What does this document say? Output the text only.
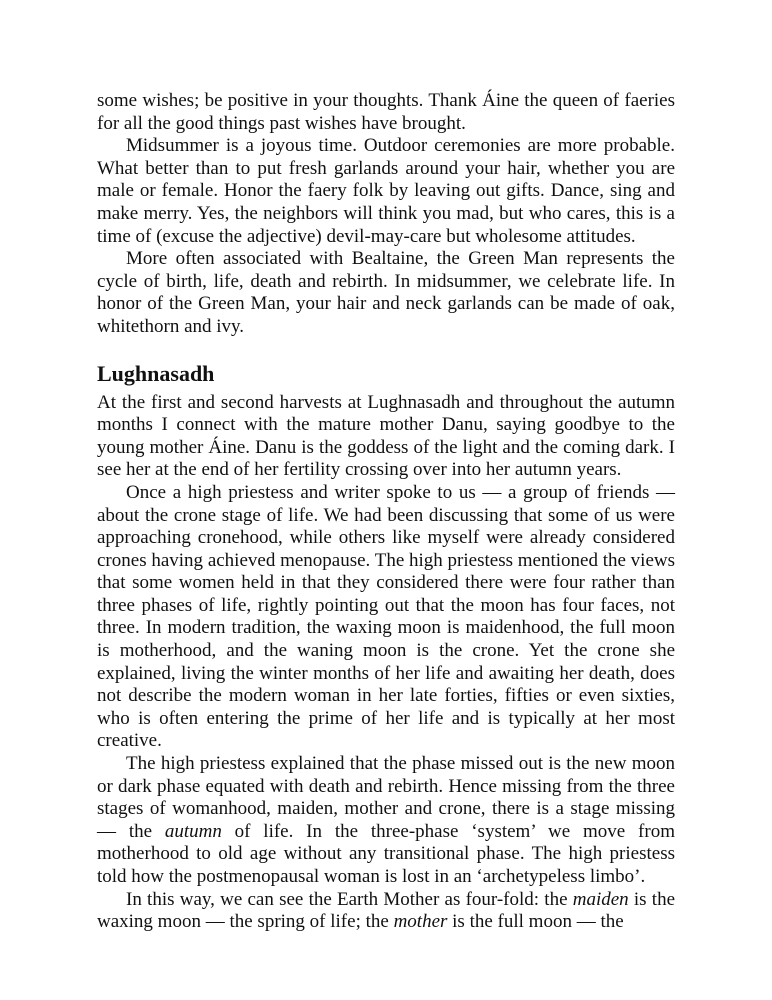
some wishes; be positive in your thoughts. Thank Áine the queen of faeries for all the good things past wishes have brought.

Midsummer is a joyous time. Outdoor ceremonies are more probable. What better than to put fresh garlands around your hair, whether you are male or female. Honor the faery folk by leaving out gifts. Dance, sing and make merry. Yes, the neighbors will think you mad, but who cares, this is a time of (excuse the adjective) devil-may-care but wholesome attitudes.

More often associated with Bealtaine, the Green Man represents the cycle of birth, life, death and rebirth. In midsummer, we celebrate life. In honor of the Green Man, your hair and neck garlands can be made of oak, whitethorn and ivy.

Lughnasadh

At the first and second harvests at Lughnasadh and throughout the autumn months I connect with the mature mother Danu, saying goodbye to the young mother Áine. Danu is the goddess of the light and the coming dark. I see her at the end of her fertility crossing over into her autumn years.

Once a high priestess and writer spoke to us — a group of friends — about the crone stage of life. We had been discussing that some of us were approaching cronehood, while others like myself were already considered crones having achieved menopause. The high priestess mentioned the views that some women held in that they considered there were four rather than three phases of life, rightly pointing out that the moon has four faces, not three. In modern tradition, the waxing moon is maidenhood, the full moon is motherhood, and the waning moon is the crone. Yet the crone she explained, living the winter months of her life and awaiting her death, does not describe the modern woman in her late forties, fifties or even sixties, who is often entering the prime of her life and is typically at her most creative.

The high priestess explained that the phase missed out is the new moon or dark phase equated with death and rebirth. Hence missing from the three stages of womanhood, maiden, mother and crone, there is a stage missing — the autumn of life. In the three-phase ‘system’ we move from motherhood to old age without any transitional phase. The high priestess told how the postmenopausal woman is lost in an ‘archetypeless limbo’.

In this way, we can see the Earth Mother as four-fold: the maiden is the waxing moon — the spring of life; the mother is the full moon — the
